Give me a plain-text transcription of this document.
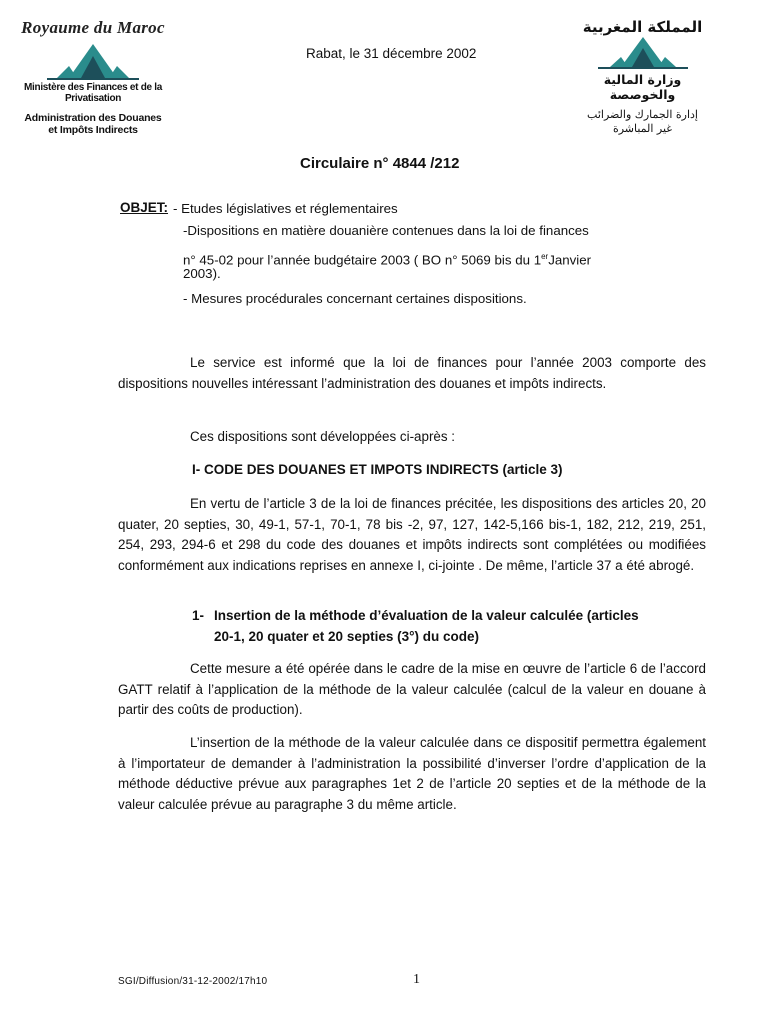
Royaume du Maroc
Ministère des Finances et de la Privatisation
Administration des Douanes
et Impôts Indirects
Rabat, le 31 décembre 2002
المملكة المغربية
وزارة المالية والخوصصة
إدارة الجمارك والضرائب
غير المباشرة
Circulaire n° 4844 /212
OBJET: - Etudes législatives et réglementaires
-Dispositions en matière douanière contenues dans la loi de finances
n° 45-02 pour l’année budgétaire 2003 ( BO n° 5069 bis du 1erJanvier
2003).
- Mesures procédurales concernant certaines dispositions.
Le service est informé que la loi de finances pour l’année 2003 comporte des dispositions nouvelles intéressant l’administration des douanes et impôts indirects.
Ces dispositions sont développées ci-après :
I- CODE DES DOUANES ET IMPOTS INDIRECTS (article 3)
En vertu de l’article 3 de la loi de finances précitée, les dispositions des articles 20, 20 quater, 20 septies, 30, 49-1, 57-1, 70-1, 78 bis -2, 97, 127, 142-5,166 bis-1, 182, 212, 219, 251, 254, 293, 294-6 et 298 du code des douanes et impôts indirects sont complétées ou modifiées conformément aux indications reprises en annexe I, ci-jointe . De même, l’article 37 a été abrogé.
1- Insertion de la méthode d’évaluation de la valeur calculée (articles
20-1, 20 quater et 20 septies (3°) du code)
Cette mesure a été opérée dans le cadre de la mise en œuvre de l’article 6 de l’accord GATT relatif à l’application de la méthode de la valeur calculée (calcul de la valeur en douane à partir des coûts de production).
L’insertion de la méthode de la valeur calculée dans ce dispositif permettra également à l’importateur de demander à l’administration la possibilité d’inverser l’ordre d’application de la méthode déductive prévue aux paragraphes 1et 2 de l’article 20 septies et de la méthode de la valeur calculée prévue au paragraphe 3 du même article.
SGI/Diffusion/31-12-2002/17h10	1
